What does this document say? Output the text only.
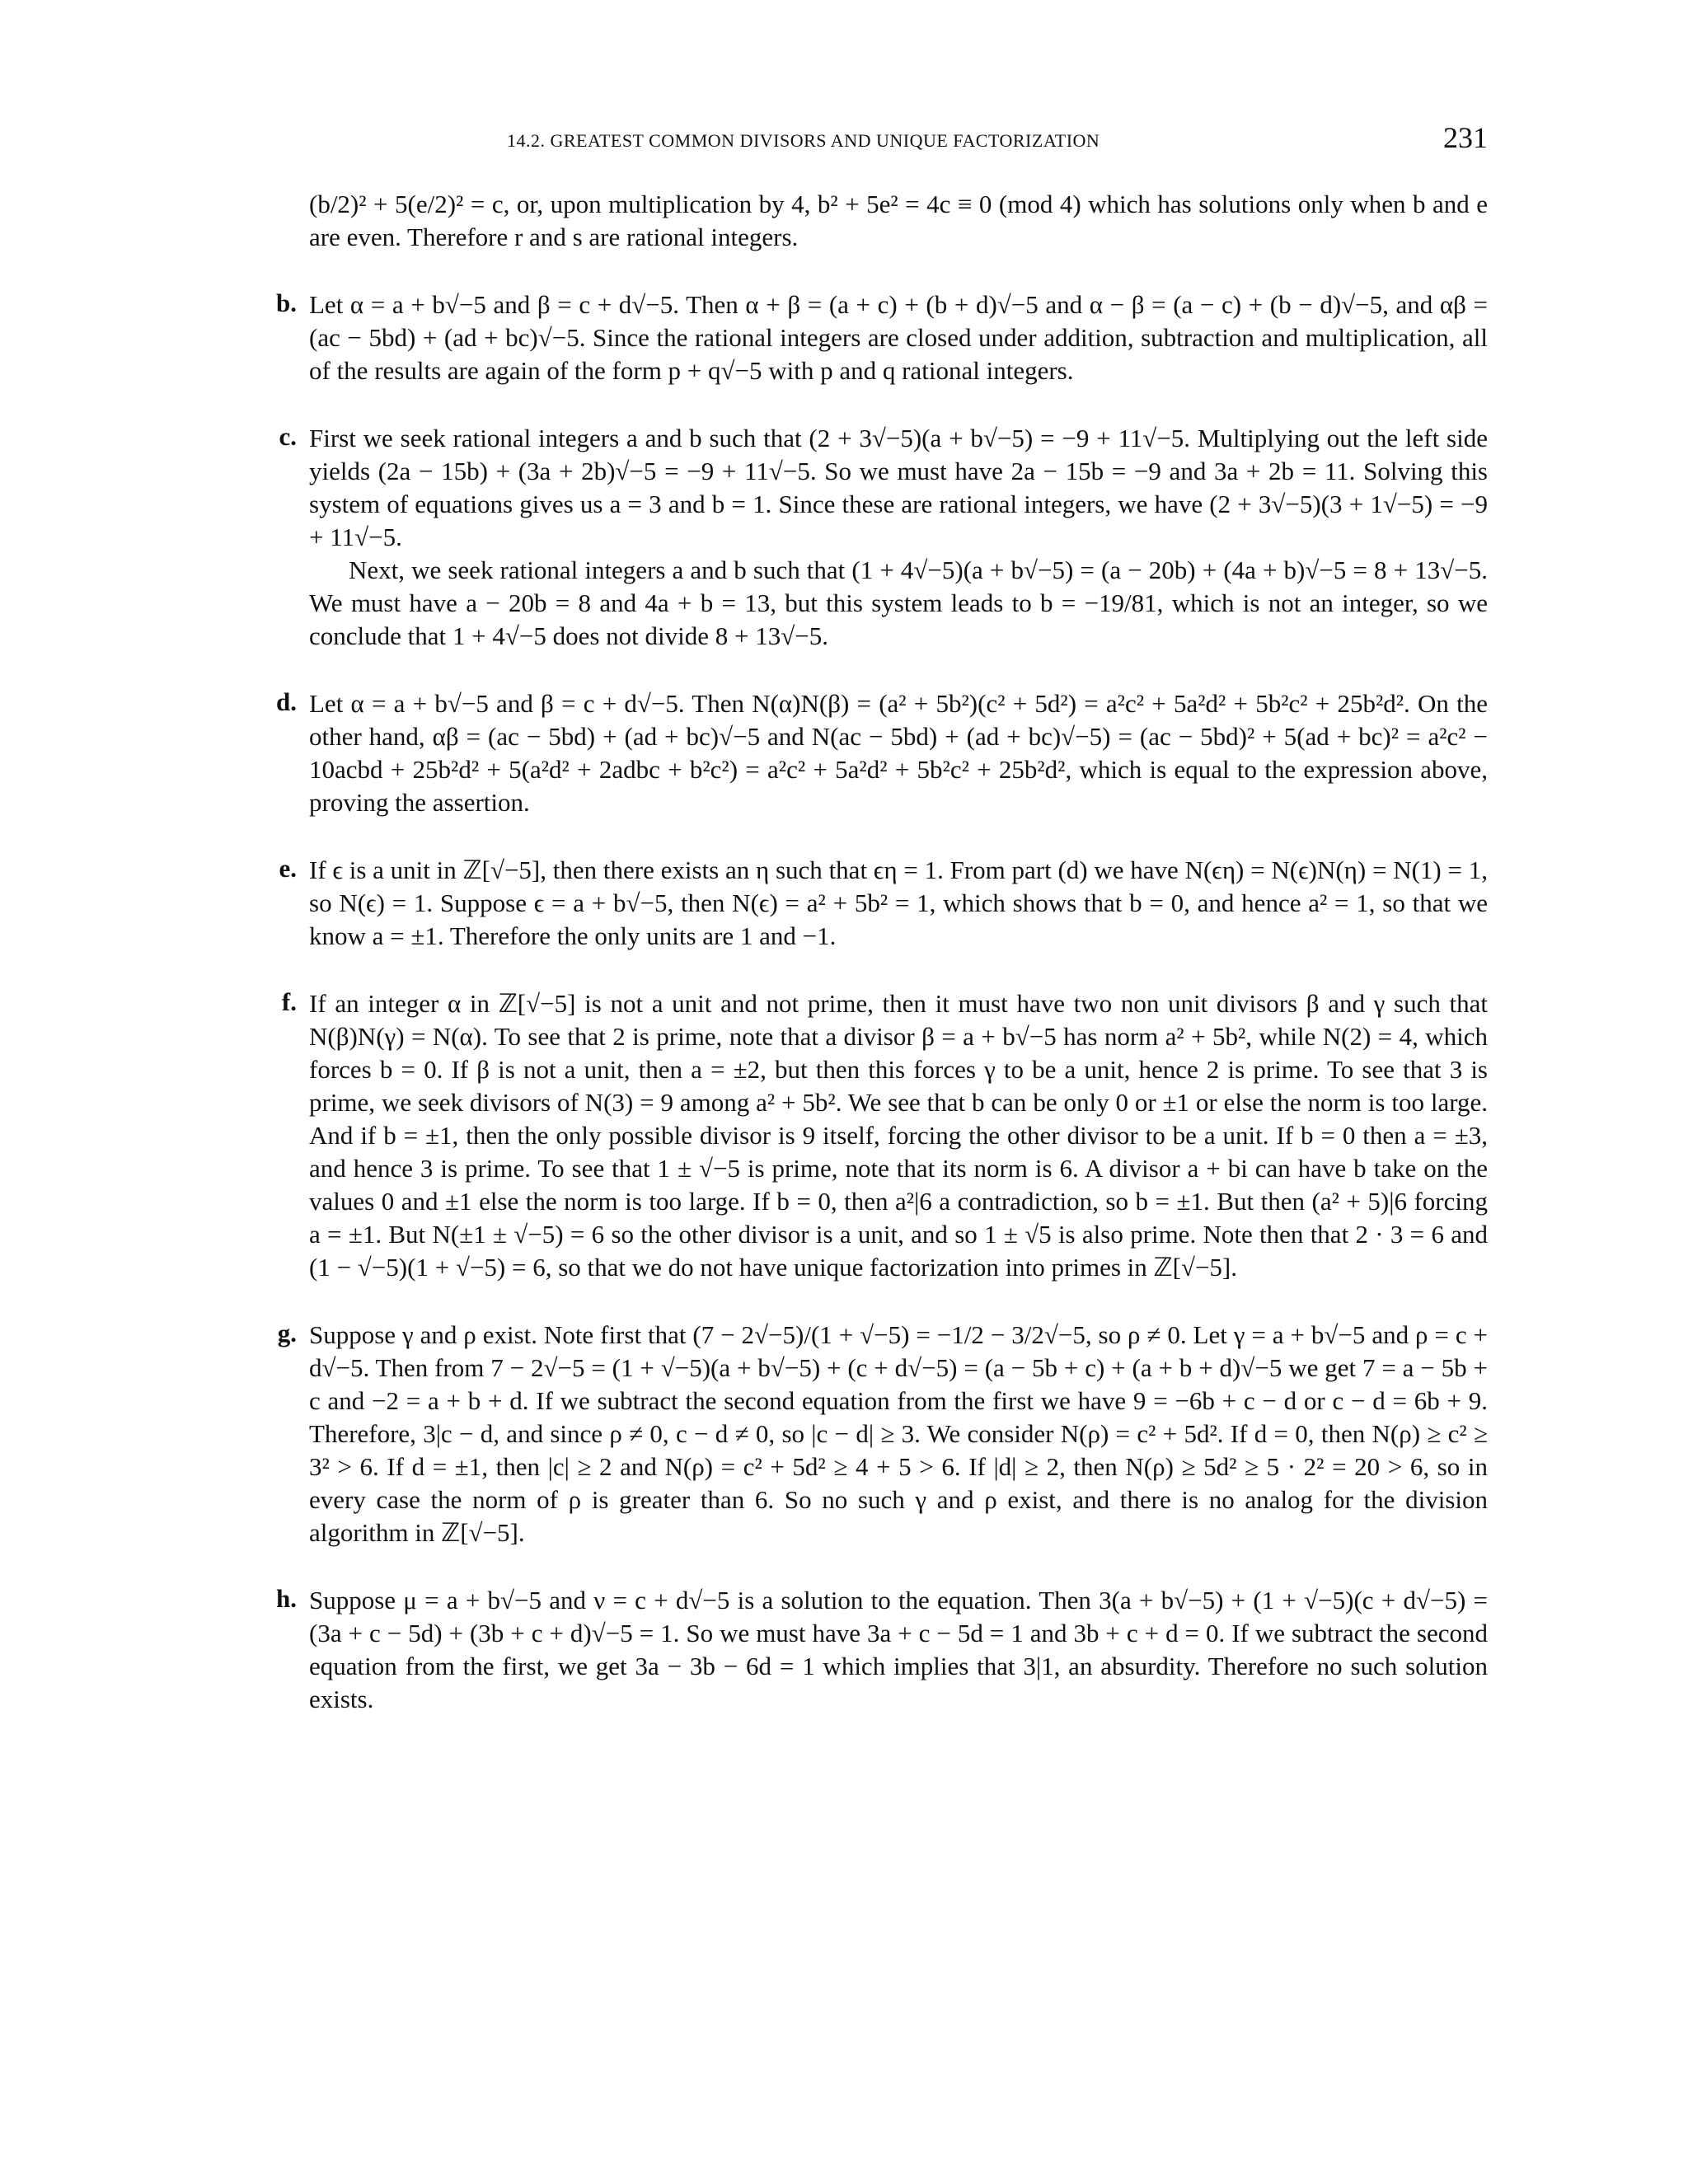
14.2. GREATEST COMMON DIVISORS AND UNIQUE FACTORIZATION	231

(b/2)² + 5(e/2)² = c, or, upon multiplication by 4, b² + 5e² = 4c ≡ 0 (mod 4) which has solutions only when b and e are even. Therefore r and s are rational integers.

b. Let α = a + b√−5 and β = c + d√−5. Then α + β = (a + c) + (b + d)√−5 and α − β = (a − c) + (b − d)√−5, and αβ = (ac − 5bd) + (ad + bc)√−5. Since the rational integers are closed under addition, subtraction and multiplication, all of the results are again of the form p + q√−5 with p and q rational integers.

c. First we seek rational integers a and b such that (2 + 3√−5)(a + b√−5) = −9 + 11√−5. Multiplying out the left side yields (2a − 15b) + (3a + 2b)√−5 = −9 + 11√−5. So we must have 2a − 15b = −9 and 3a + 2b = 11. Solving this system of equations gives us a = 3 and b = 1. Since these are rational integers, we have (2 + 3√−5)(3 + 1√−5) = −9 + 11√−5.

Next, we seek rational integers a and b such that (1 + 4√−5)(a + b√−5) = (a − 20b) + (4a + b)√−5 = 8 + 13√−5. We must have a − 20b = 8 and 4a + b = 13, but this system leads to b = −19/81, which is not an integer, so we conclude that 1 + 4√−5 does not divide 8 + 13√−5.

d. Let α = a + b√−5 and β = c + d√−5. Then N(α)N(β) = (a² + 5b²)(c² + 5d²) = a²c² + 5a²d² + 5b²c² + 25b²d². On the other hand, αβ = (ac − 5bd) + (ad + bc)√−5 and N(ac − 5bd) + (ad + bc)√−5) = (ac − 5bd)² + 5(ad + bc)² = a²c² − 10acbd + 25b²d² + 5(a²d² + 2adbc + b²c²) = a²c² + 5a²d² + 5b²c² + 25b²d², which is equal to the expression above, proving the assertion.

e. If ϵ is a unit in ℤ[√−5], then there exists an η such that ϵη = 1. From part (d) we have N(ϵη) = N(ϵ)N(η) = N(1) = 1, so N(ϵ) = 1. Suppose ϵ = a + b√−5, then N(ϵ) = a² + 5b² = 1, which shows that b = 0, and hence a² = 1, so that we know a = ±1. Therefore the only units are 1 and −1.

f. If an integer α in ℤ[√−5] is not a unit and not prime, then it must have two non unit divisors β and γ such that N(β)N(γ) = N(α). To see that 2 is prime, note that a divisor β = a + b√−5 has norm a² + 5b², while N(2) = 4, which forces b = 0. If β is not a unit, then a = ±2, but then this forces γ to be a unit, hence 2 is prime. To see that 3 is prime, we seek divisors of N(3) = 9 among a² + 5b². We see that b can be only 0 or ±1 or else the norm is too large. And if b = ±1, then the only possible divisor is 9 itself, forcing the other divisor to be a unit. If b = 0 then a = ±3, and hence 3 is prime. To see that 1 ± √−5 is prime, note that its norm is 6. A divisor a + bi can have b take on the values 0 and ±1 else the norm is too large. If b = 0, then a²|6 a contradiction, so b = ±1. But then (a² + 5)|6 forcing a = ±1. But N(±1 ± √−5) = 6 so the other divisor is a unit, and so 1 ± √5 is also prime. Note then that 2 · 3 = 6 and (1 − √−5)(1 + √−5) = 6, so that we do not have unique factorization into primes in ℤ[√−5].

g. Suppose γ and ρ exist. Note first that (7 − 2√−5)/(1 + √−5) = −1/2 − 3/2√−5, so ρ ≠ 0. Let γ = a + b√−5 and ρ = c + d√−5. Then from 7 − 2√−5 = (1 + √−5)(a + b√−5) + (c + d√−5) = (a − 5b + c) + (a + b + d)√−5 we get 7 = a − 5b + c and −2 = a + b + d. If we subtract the second equation from the first we have 9 = −6b + c − d or c − d = 6b + 9. Therefore, 3|c − d, and since ρ ≠ 0, c − d ≠ 0, so |c − d| ≥ 3. We consider N(ρ) = c² + 5d². If d = 0, then N(ρ) ≥ c² ≥ 3² > 6. If d = ±1, then |c| ≥ 2 and N(ρ) = c² + 5d² ≥ 4 + 5 > 6. If |d| ≥ 2, then N(ρ) ≥ 5d² ≥ 5 · 2² = 20 > 6, so in every case the norm of ρ is greater than 6. So no such γ and ρ exist, and there is no analog for the division algorithm in ℤ[√−5].

h. Suppose μ = a + b√−5 and ν = c + d√−5 is a solution to the equation. Then 3(a + b√−5) + (1 + √−5)(c + d√−5) = (3a + c − 5d) + (3b + c + d)√−5 = 1. So we must have 3a + c − 5d = 1 and 3b + c + d = 0. If we subtract the second equation from the first, we get 3a − 3b − 6d = 1 which implies that 3|1, an absurdity. Therefore no such solution exists.
